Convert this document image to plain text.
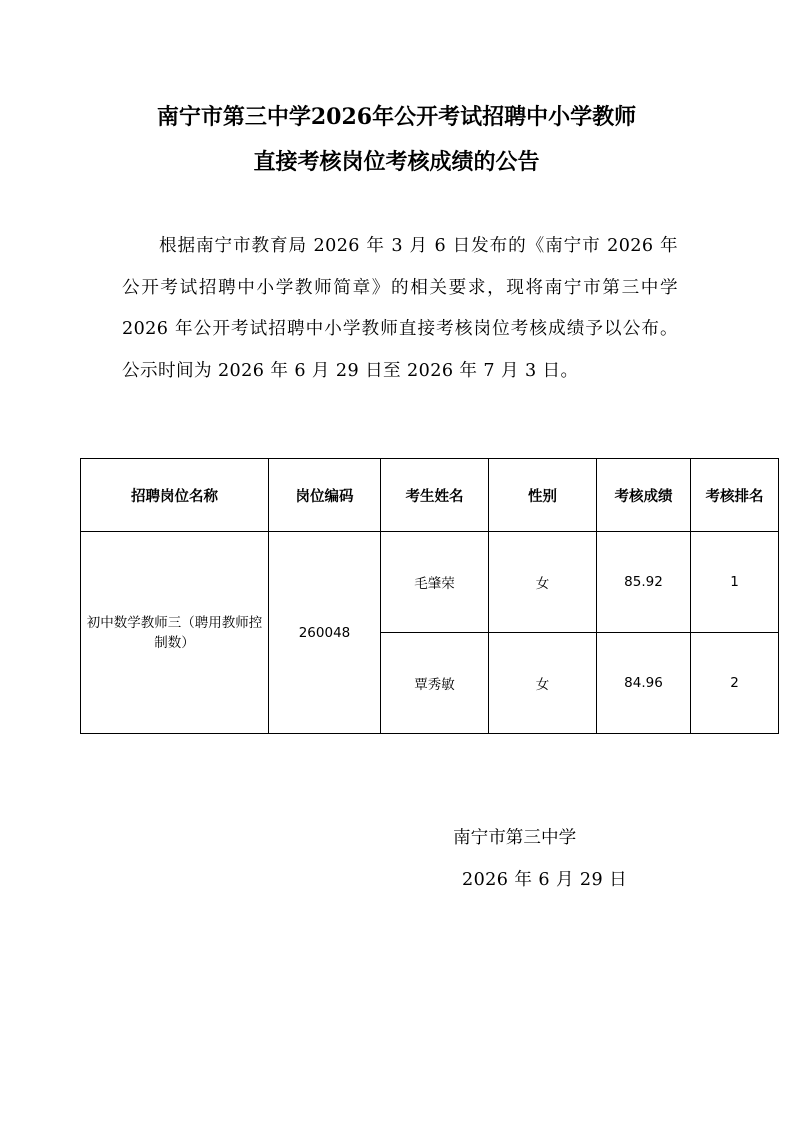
南宁市第三中学2026年公开考试招聘中小学教师
直接考核岗位考核成绩的公告

根据南宁市教育局 2026 年 3 月 6 日发布的《南宁市 2026 年公开考试招聘中小学教师简章》的相关要求，现将南宁市第三中学 2026 年公开考试招聘中小学教师直接考核岗位考核成绩予以公布。公示时间为 2026 年 6 月 29 日至 2026 年 7 月 3 日。

招聘岗位名称	岗位编码	考生姓名	性别	考核成绩	考核排名
初中数学教师三（聘用教师控制数）	260048	毛肇荣	女	85.92	1
		覃秀敏	女	84.96	2

南宁市第三中学

2026 年 6 月 29 日
